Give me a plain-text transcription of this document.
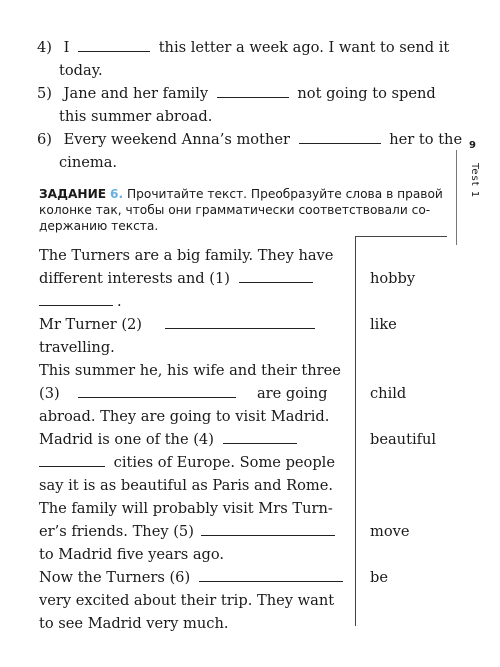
4) I	this letter a week ago. I want to send it
today.
5) Jane and her family	not going to spend
this summer abroad.
6) Every weekend Anna’s mother	her to the
cinema.
9
Test 1
ЗАДАНИЕ 6. Прочитайте текст. Преобразуйте слова в правой
колонке так, чтобы они грамматически соответствовали со-
держанию текста.
The Turners are a big family. They have
different interests and (1)
.
Mr Turner (2)
travelling.
This summer he, his wife and their three
(3)	are going
abroad. They are going to visit Madrid.
Madrid is one of the (4)
cities of Europe. Some people
say it is as beautiful as Paris and Rome.
The family will probably visit Mrs Turn-
er’s friends. They (5)
to Madrid five years ago.
Now the Turners (6)
very excited about their trip. They want
to see Madrid very much.
hobby
like
child
beautiful
move
be
